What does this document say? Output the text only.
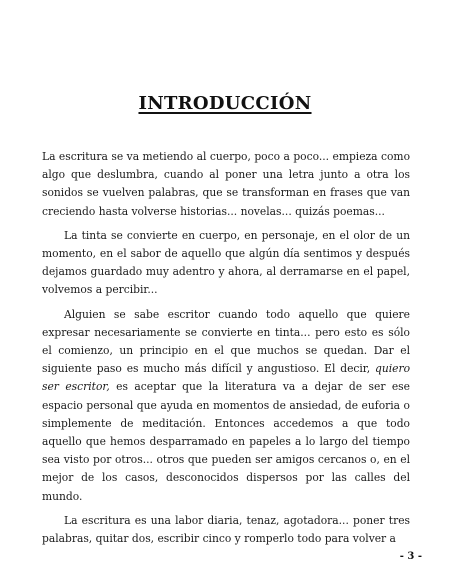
INTRODUCCIÓN

La escritura se va metiendo al cuerpo, poco a poco... empieza como algo que deslumbra, cuando al poner una letra junto a otra los sonidos se vuelven palabras, que se transforman en frases que van creciendo hasta volverse historias... novelas... quizás poemas...

La tinta se convierte en cuerpo, en personaje, en el olor de un momento, en el sabor de aquello que algún día sentimos y después dejamos guardado muy adentro y ahora, al derramarse en el papel, volvemos a percibir...

Alguien se sabe escritor cuando todo aquello que quiere expresar necesariamente se convierte en tinta... pero esto es sólo el comienzo, un principio en el que muchos se quedan. Dar el siguiente paso es mucho más difícil y angustioso. El decir, quiero ser escritor, es aceptar que la literatura va a dejar de ser ese espacio personal que ayuda en momentos de ansiedad, de euforia o simplemente de meditación. Entonces accedemos a que todo aquello que hemos desparramado en papeles a lo largo del tiempo sea visto por otros... otros que pueden ser amigos cercanos o, en el mejor de los casos, desconocidos dispersos por las calles del mundo.

La escritura es una labor diaria, tenaz, agotadora... poner tres palabras, quitar dos, escribir cinco y romperlo todo para volver a

- 3 -
